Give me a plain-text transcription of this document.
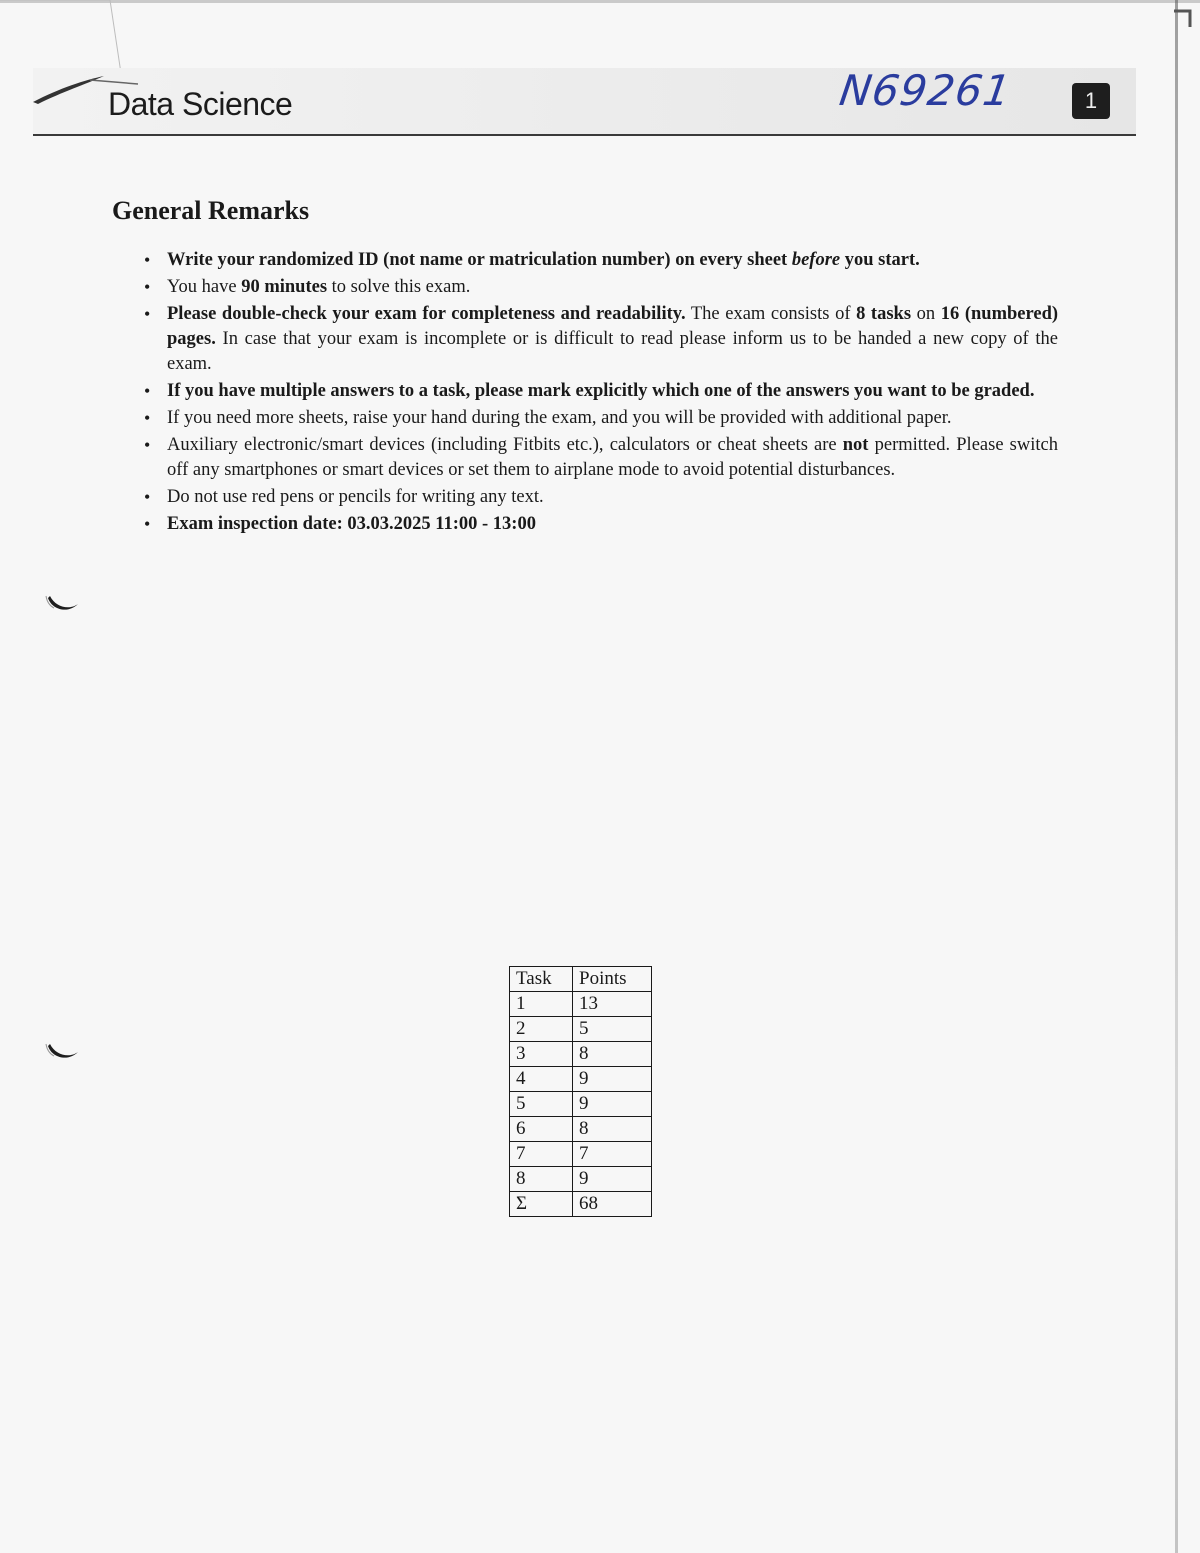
Data Science	N69261	1
General Remarks
• Write your randomized ID (not name or matriculation number) on every sheet before you start.
• You have 90 minutes to solve this exam.
• Please double-check your exam for completeness and readability. The exam consists of 8 tasks on 16 (numbered) pages. In case that your exam is incomplete or is difficult to read please inform us to be handed a new copy of the exam.
• If you have multiple answers to a task, please mark explicitly which one of the answers you want to be graded.
• If you need more sheets, raise your hand during the exam, and you will be provided with additional paper.
• Auxiliary electronic/smart devices (including Fitbits etc.), calculators or cheat sheets are not permitted. Please switch off any smartphones or smart devices or set them to airplane mode to avoid potential disturbances.
• Do not use red pens or pencils for writing any text.
• Exam inspection date: 03.03.2025 11:00 - 13:00
Task	Points
1	13
2	5
3	8
4	9
5	9
6	8
7	7
8	9
Σ	68
